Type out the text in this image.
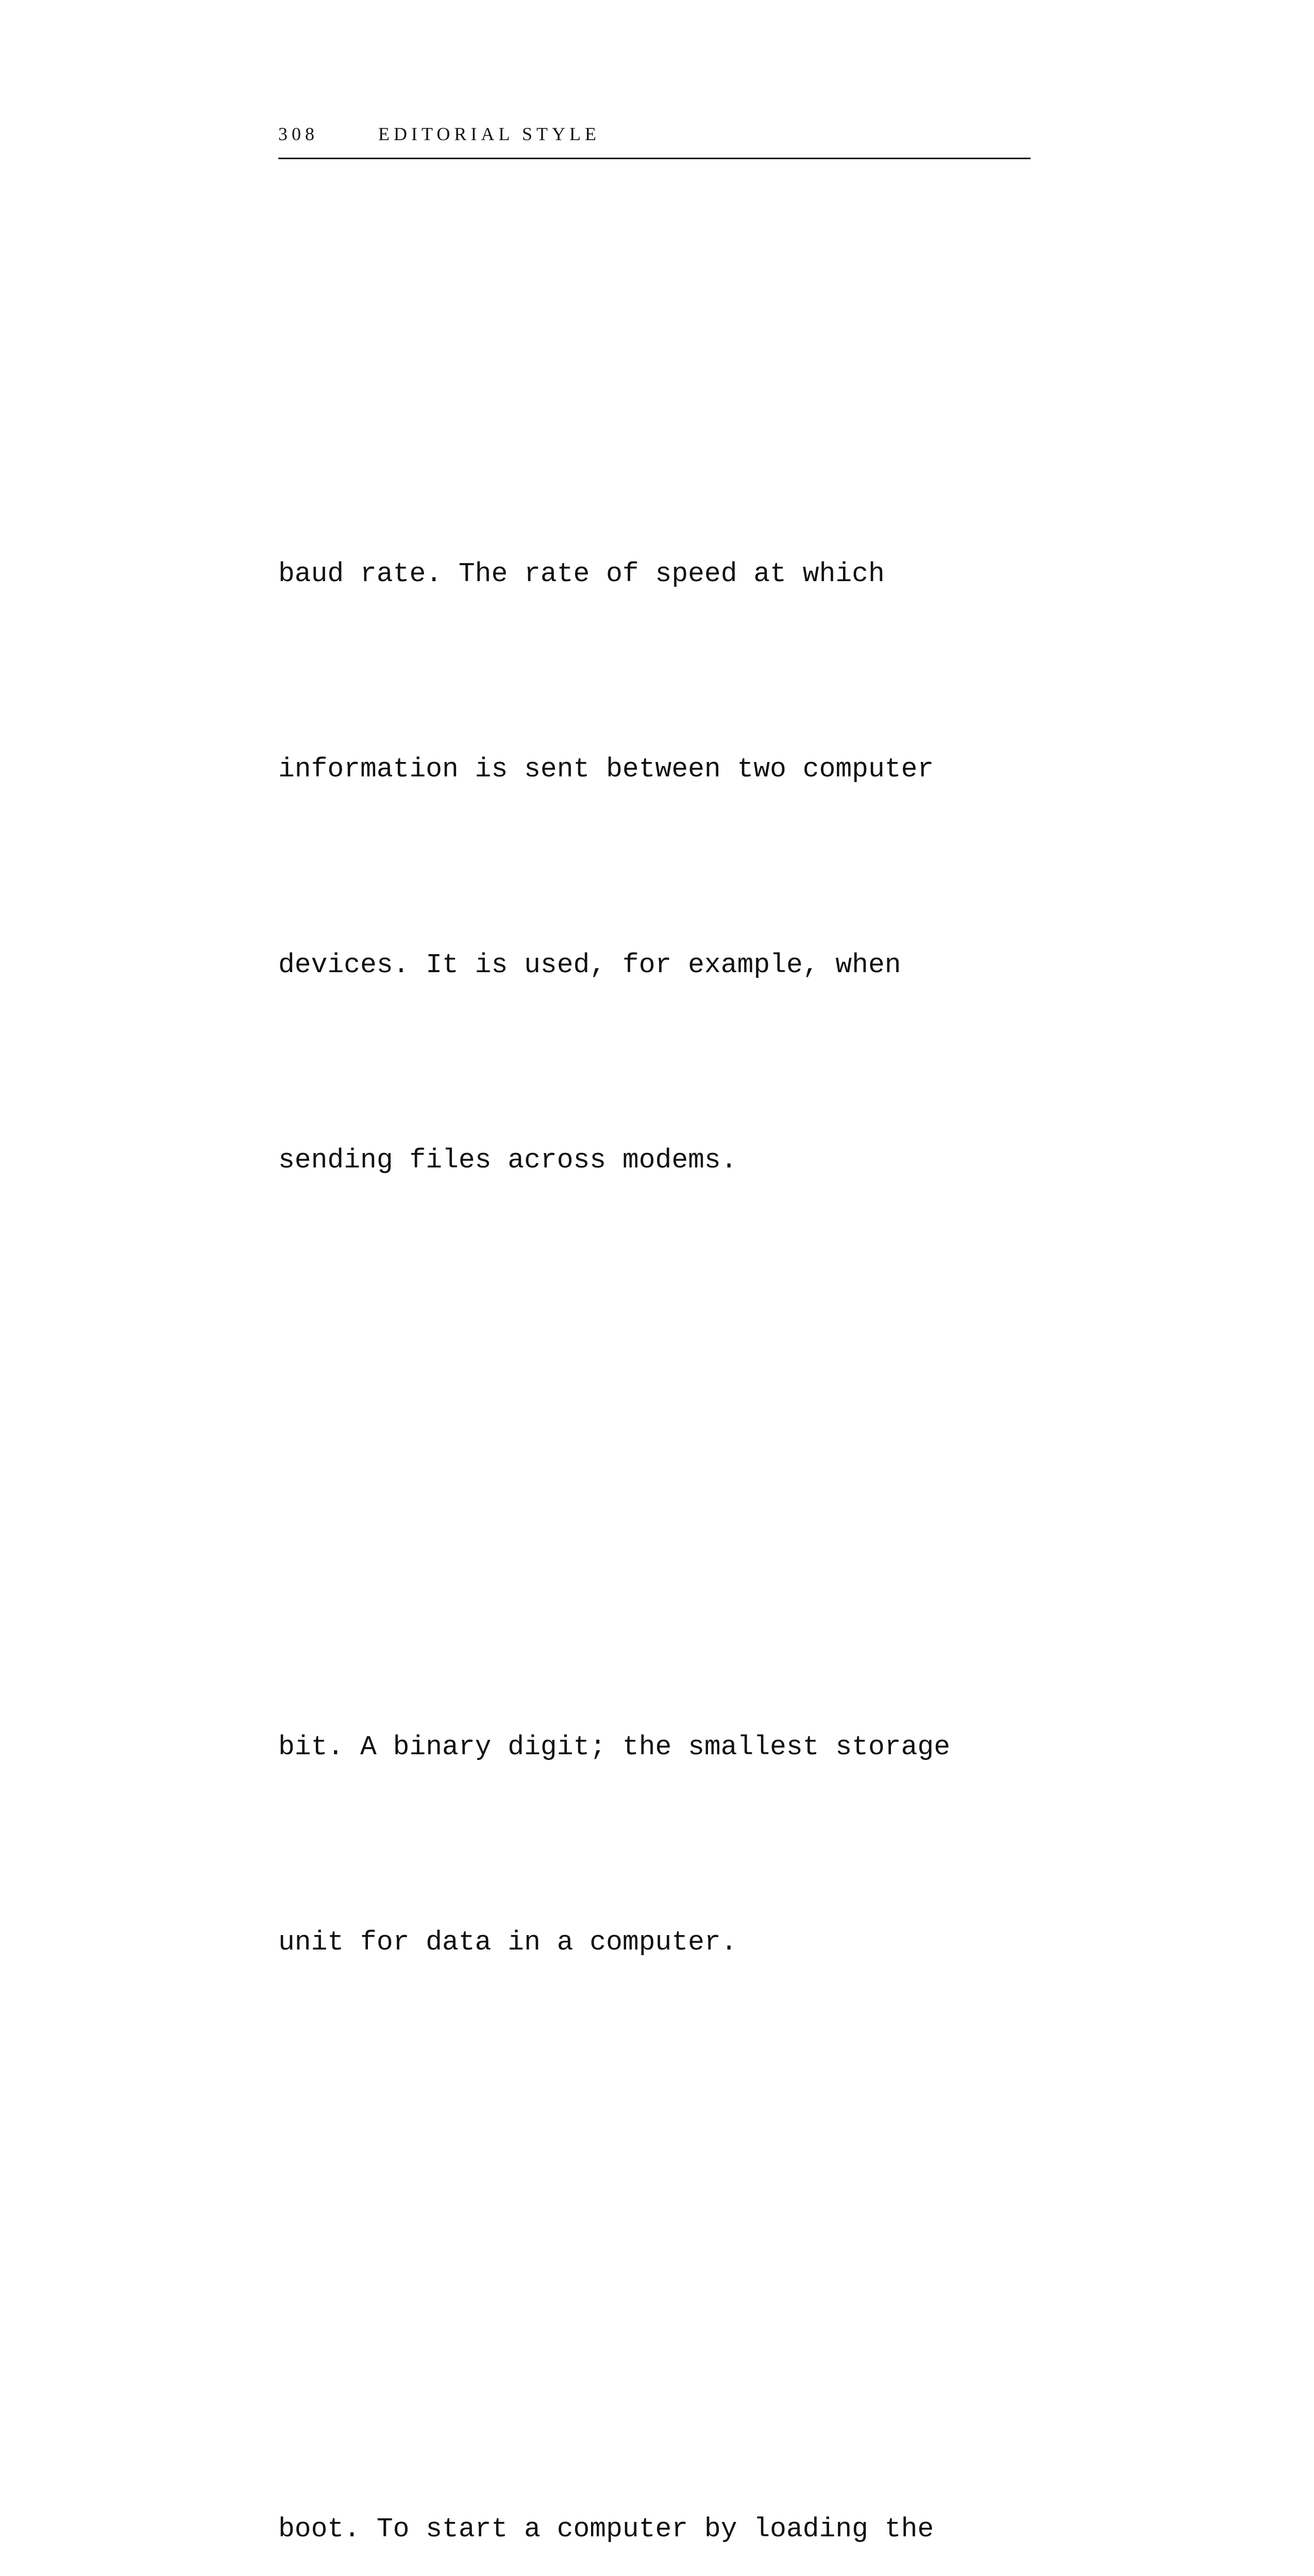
308	EDITORIAL STYLE

baud rate. The rate of speed at which

information is sent between two computer

devices. It is used, for example, when

sending files across modems.

bit. A binary digit; the smallest storage

unit for data in a computer.

boot. To start a computer by loading the
